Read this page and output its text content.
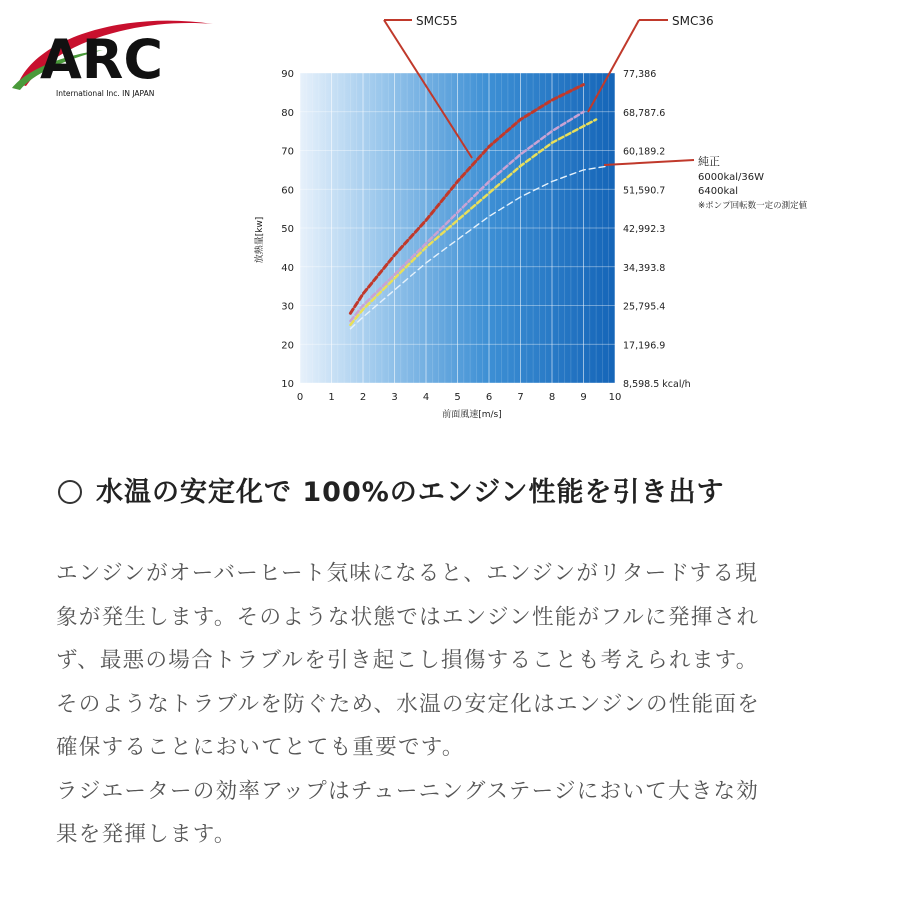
ARC
International Inc. IN JAPAN
0	1	2	3	4	5	6	7	8	9 10
10
20
30
40
50
60
70
80
90
8,598.5 kcal/h
17,196.9
25,795.4
34,393.8
42,992.3
51,590.7
60,189.2
68,787.6
77,386
前面風速[m/s]
放熱量[kw]
SMC55	SMC36
純正
6000kal/36W
6400kal
※ポンプ回転数一定の測定値
水温の安定化で 100%のエンジン性能を引き出す

エンジンがオーバーヒート気味になると、エンジンがリタードする現

象が発生します。そのような状態ではエンジン性能がフルに発揮され

ず、最悪の場合トラブルを引き起こし損傷することも考えられます。

そのようなトラブルを防ぐため、水温の安定化はエンジンの性能面を

確保することにおいてとても重要です。

ラジエーターの効率アップはチューニングステージにおいて大きな効

果を発揮します。
